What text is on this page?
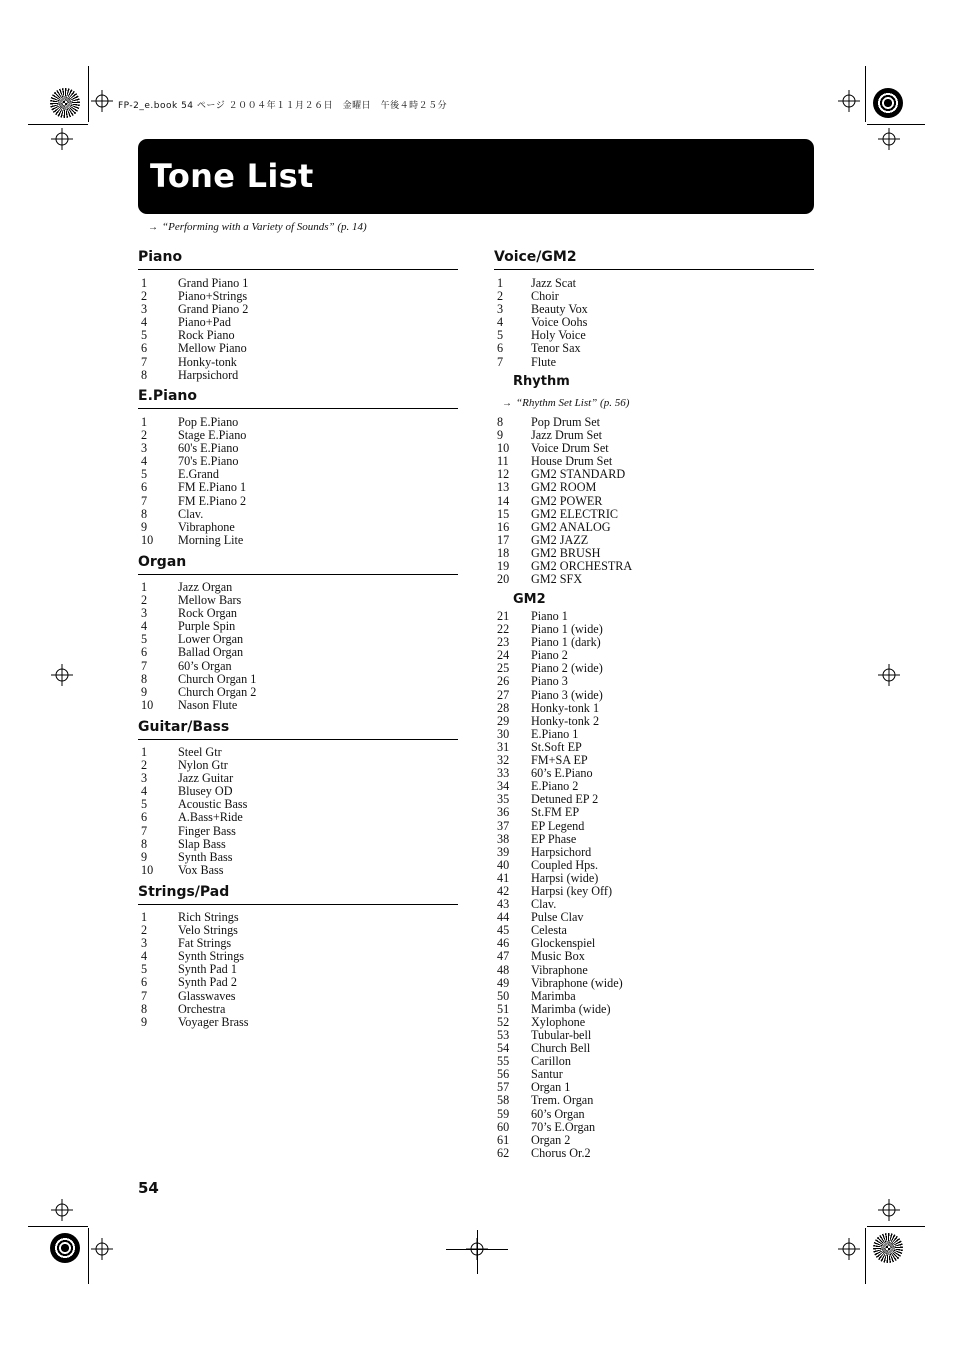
FP-2_e.book 54 ページ ２００４年１１月２６日　金曜日　午後４時２５分
Tone List
→ “Performing with a Variety of Sounds” (p. 14)
Piano
1	Grand Piano 1
2	Piano+Strings
3	Grand Piano 2
4	Piano+Pad
5	Rock Piano
6	Mellow Piano
7	Honky-tonk
8	Harpsichord
E.Piano
1	Pop E.Piano
2	Stage E.Piano
3	60's E.Piano
4	70's E.Piano
5	E.Grand
6	FM E.Piano 1
7	FM E.Piano 2
8	Clav.
9	Vibraphone
10 Morning Lite
Organ
1	Jazz Organ
2	Mellow Bars
3	Rock Organ
4	Purple Spin
5	Lower Organ
6	Ballad Organ
7	60’s Organ
8	Church Organ 1
9	Church Organ 2
10 Nason Flute
Guitar/Bass
1	Steel Gtr
2	Nylon Gtr
3	Jazz Guitar
4	Blusey OD
5	Acoustic Bass
6	A.Bass+Ride
7	Finger Bass
8	Slap Bass
9	Synth Bass
10 Vox Bass
Strings/Pad
1	Rich Strings
2	Velo Strings
3	Fat Strings
4	Synth Strings
5	Synth Pad 1
6	Synth Pad 2
7	Glasswaves
8	Orchestra
9	Voyager Brass
Voice/GM2
1 Jazz Scat
2 Choir
3 Beauty Vox
4 Voice Oohs
5 Holy Voice
6 Tenor Sax
7 Flute
Rhythm
→ “Rhythm Set List” (p. 56)
8 Pop Drum Set
9 Jazz Drum Set
10 Voice Drum Set
11 House Drum Set
12 GM2 STANDARD
13 GM2 ROOM
14 GM2 POWER
15 GM2 ELECTRIC
16 GM2 ANALOG
17 GM2 JAZZ
18 GM2 BRUSH
19 GM2 ORCHESTRA
20 GM2 SFX
GM2
21 Piano 1
22 Piano 1 (wide)
23 Piano 1 (dark)
24 Piano 2
25 Piano 2 (wide)
26 Piano 3
27 Piano 3 (wide)
28 Honky-tonk 1
29 Honky-tonk 2
30 E.Piano 1
31 St.Soft EP
32 FM+SA EP
33 60’s E.Piano
34 E.Piano 2
35 Detuned EP 2
36 St.FM EP
37 EP Legend
38 EP Phase
39 Harpsichord
40 Coupled Hps.
41 Harpsi (wide)
42 Harpsi (key Off)
43 Clav.
44 Pulse Clav
45 Celesta
46 Glockenspiel
47 Music Box
48 Vibraphone
49 Vibraphone (wide)
50 Marimba
51 Marimba (wide)
52 Xylophone
53 Tubular-bell
54 Church Bell
55 Carillon
56 Santur
57 Organ 1
58 Trem. Organ
59 60’s Organ
60 70’s E.Organ
61 Organ 2
62 Chorus Or.2
54
